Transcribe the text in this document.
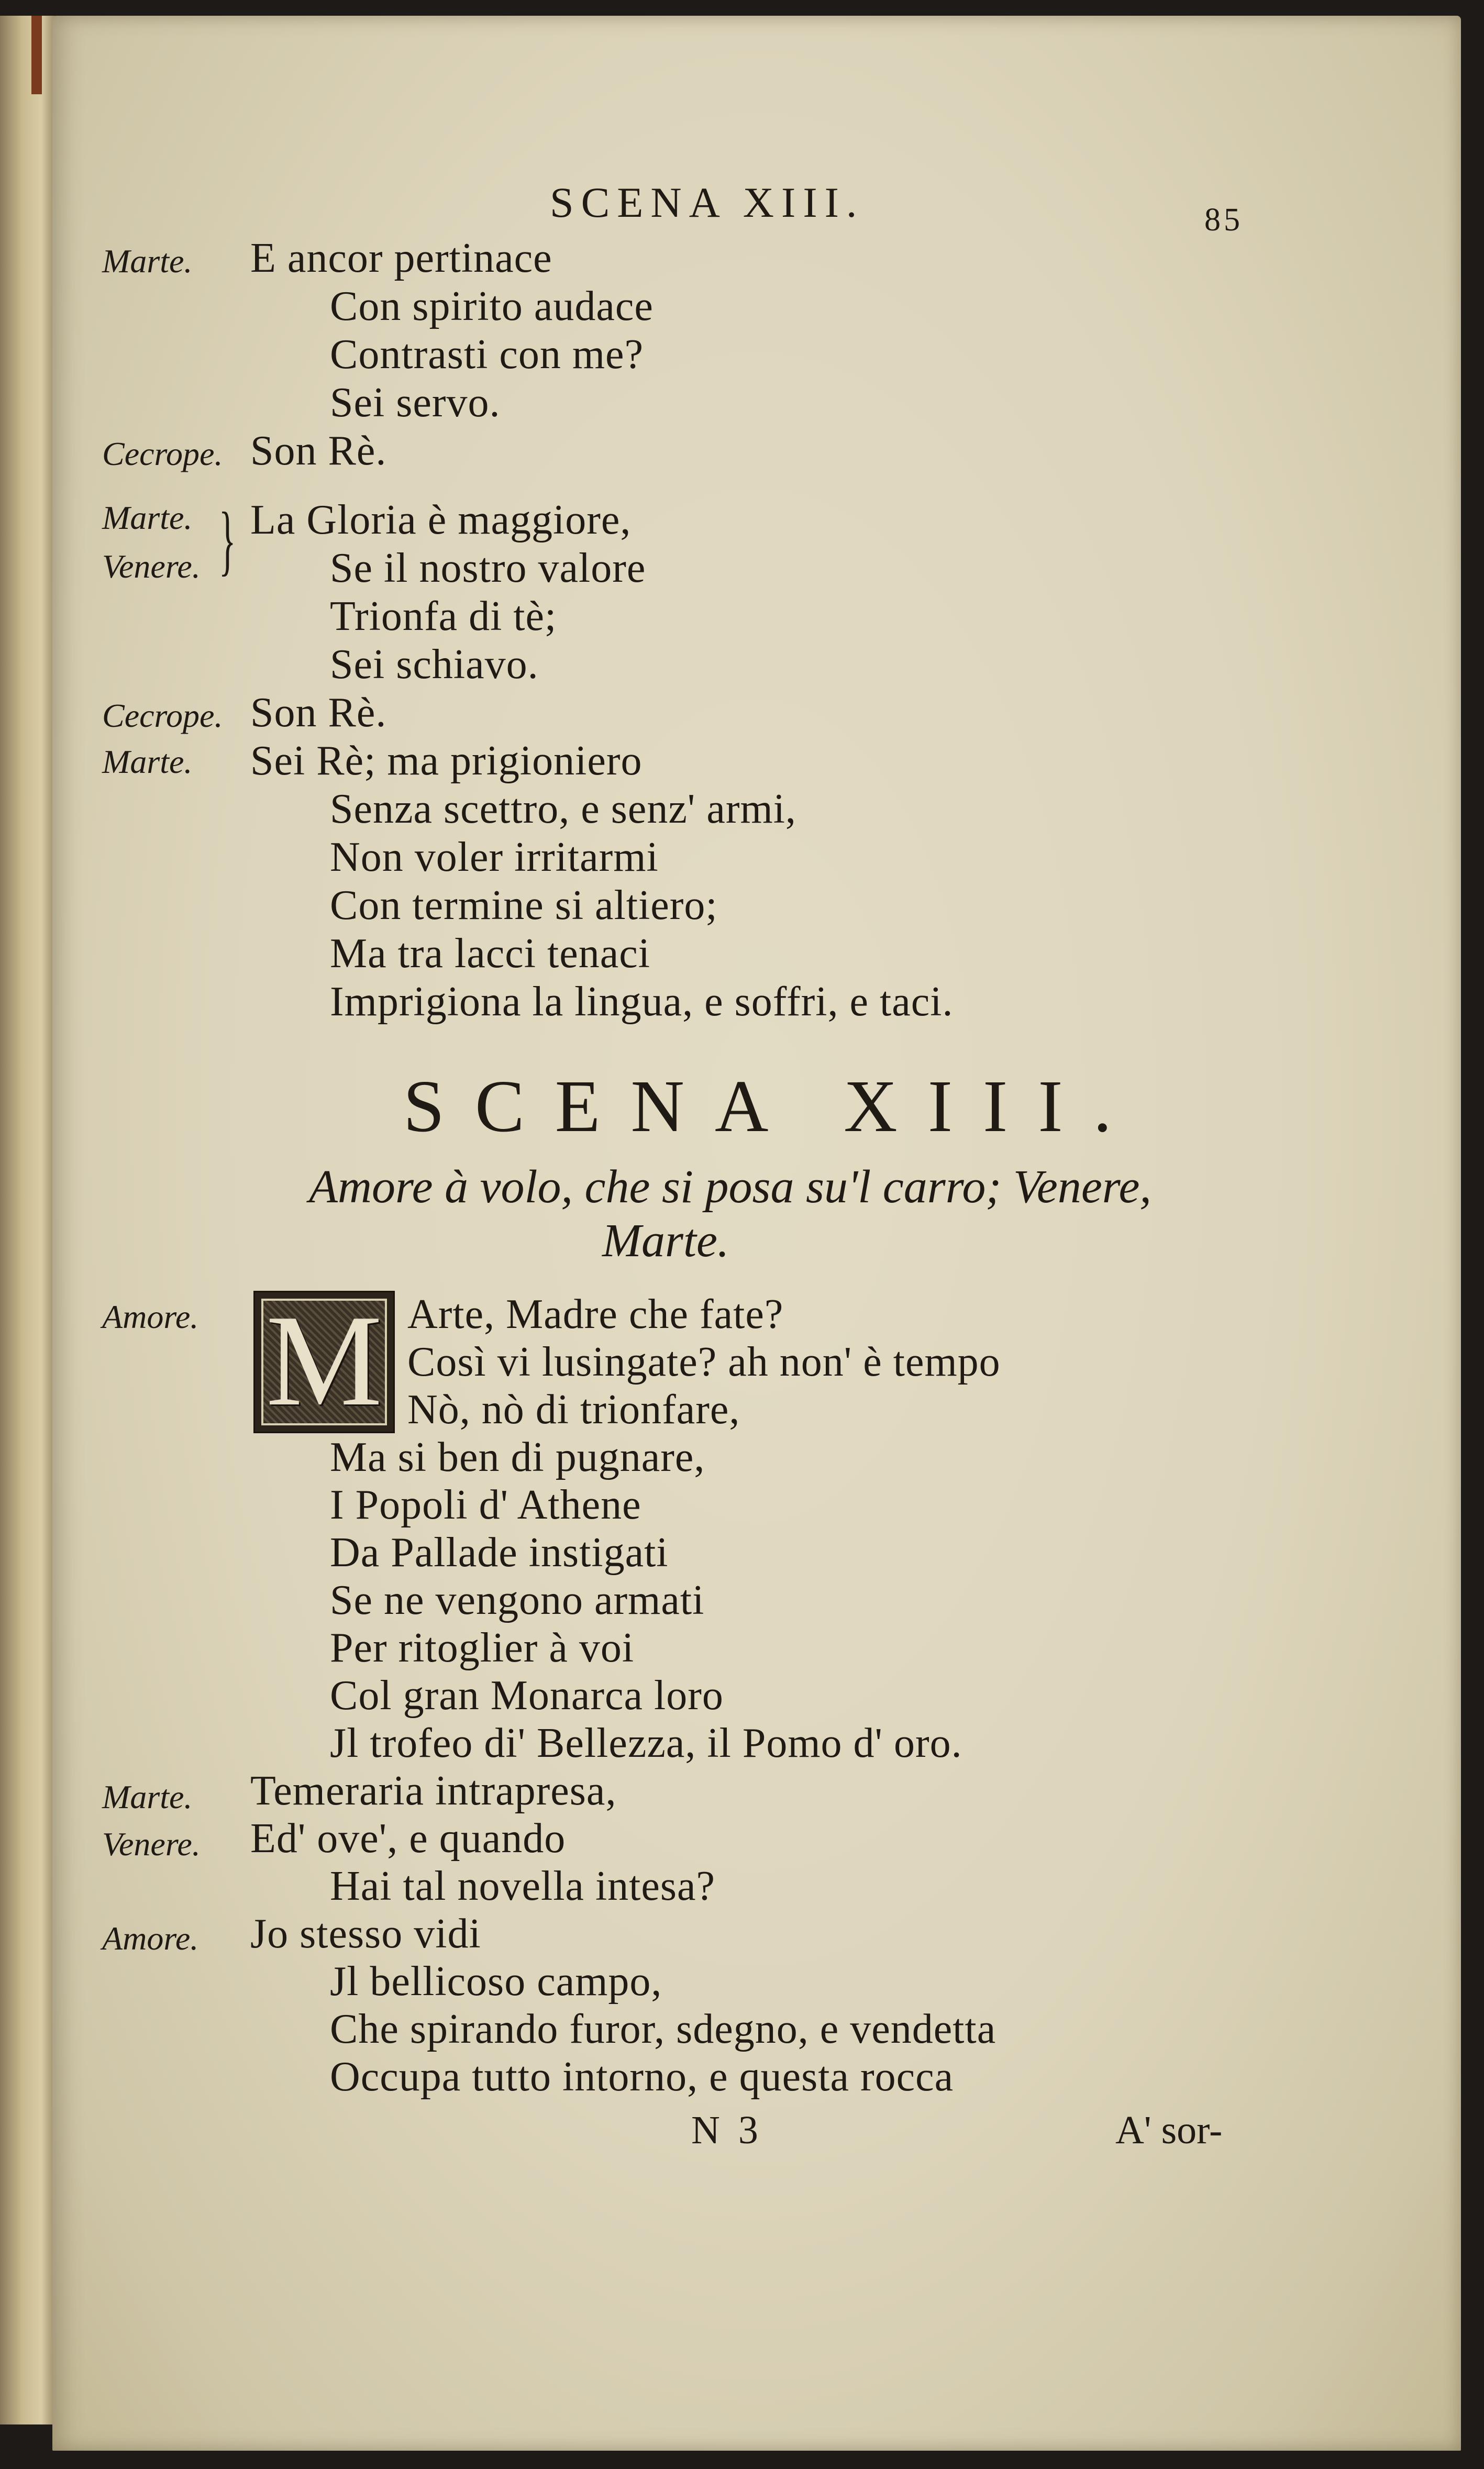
SCENA XIII.	85
Marte.
Cecrope.
Marte.
Venere.
Cecrope.
Marte.
Amore.
Marte.
Venere.
Amore.
}
E ancor pertinace
Con spirito audace
Contrasti con me?
Sei servo.
Son Rè.
La Gloria è maggiore,
Se il nostro valore
Trionfa di tè;
Sei schiavo.
Son Rè.
Sei Rè; ma prigioniero
Senza scettro, e senz' armi,
Non voler irritarmi
Con termine si altiero;
Ma tra lacci tenaci
Imprigiona la lingua, e soffri, e taci.
SCENA XIII.
Amore à volo, che si posa su'l carro; Venere,
Marte.
M Arte, Madre che fate?
Così vi lusingate? ah non' è tempo
Nò, nò di trionfare,
Ma si ben di pugnare,
I Popoli d' Athene
Da Pallade instigati
Se ne vengono armati
Per ritoglier à voi
Col gran Monarca loro
Jl trofeo di' Bellezza, il Pomo d' oro.
Temeraria intrapresa,
Ed' ove', e quando
Hai tal novella intesa?
Jo stesso vidi
Jl bellicoso campo,
Che spirando furor, sdegno, e vendetta
Occupa tutto intorno, e questa rocca
N 3	A' sor-
